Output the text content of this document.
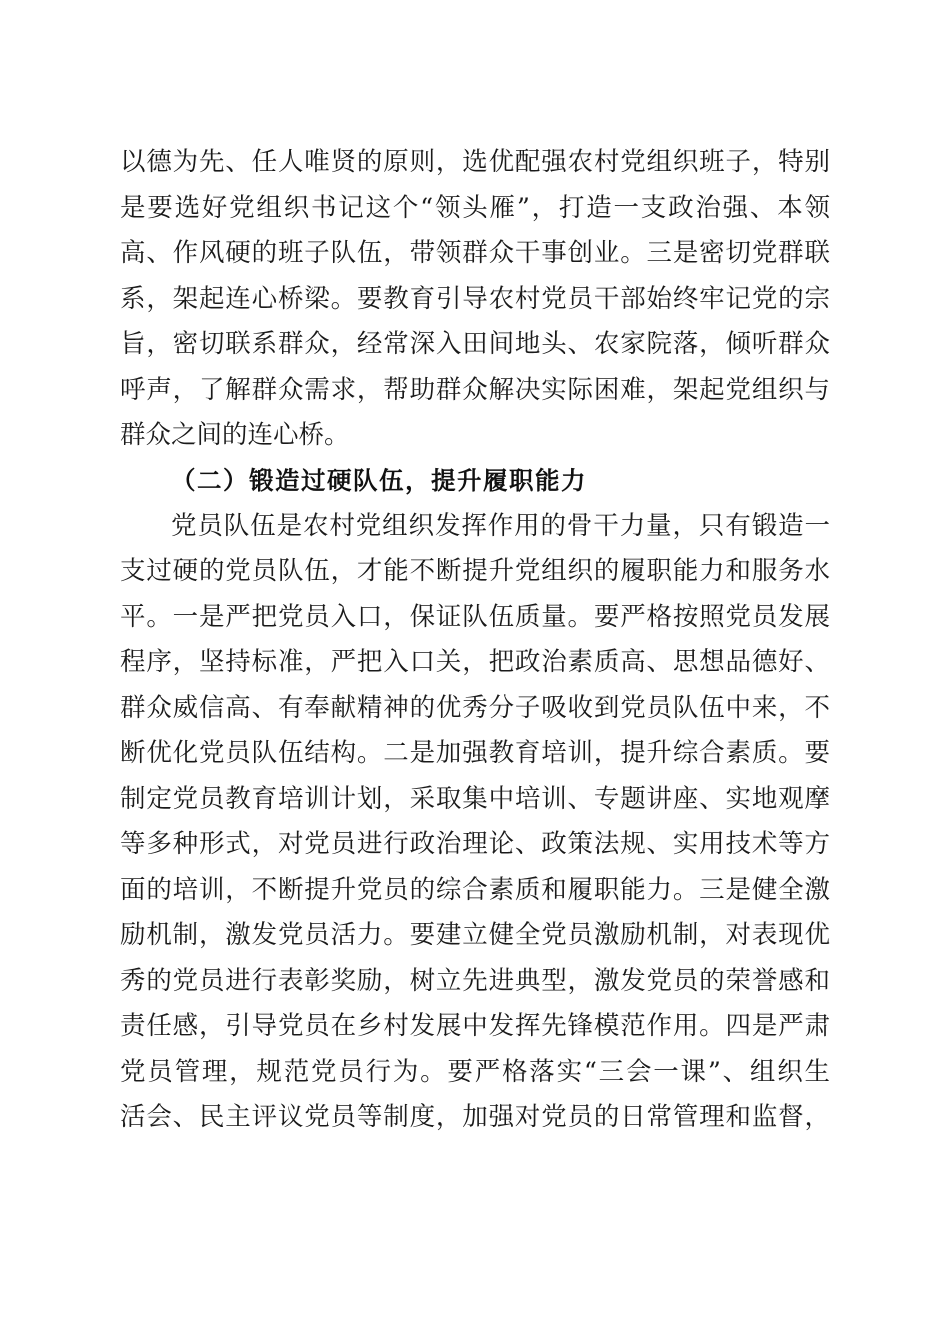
以德为先、任人唯贤的原则，选优配强农村党组织班子，特别
是要选好党组织书记这个“领头雁”，打造一支政治强、本领
高、作风硬的班子队伍，带领群众干事创业。三是密切党群联
系，架起连心桥梁。要教育引导农村党员干部始终牢记党的宗
旨，密切联系群众，经常深入田间地头、农家院落，倾听群众
呼声，了解群众需求，帮助群众解决实际困难，架起党组织与
群众之间的连心桥。
（二）锻造过硬队伍，提升履职能力
党员队伍是农村党组织发挥作用的骨干力量，只有锻造一
支过硬的党员队伍，才能不断提升党组织的履职能力和服务水
平。一是严把党员入口，保证队伍质量。要严格按照党员发展
程序，坚持标准，严把入口关，把政治素质高、思想品德好、
群众威信高、有奉献精神的优秀分子吸收到党员队伍中来，不
断优化党员队伍结构。二是加强教育培训，提升综合素质。要
制定党员教育培训计划，采取集中培训、专题讲座、实地观摩
等多种形式，对党员进行政治理论、政策法规、实用技术等方
面的培训，不断提升党员的综合素质和履职能力。三是健全激
励机制，激发党员活力。要建立健全党员激励机制，对表现优
秀的党员进行表彰奖励，树立先进典型，激发党员的荣誉感和
责任感，引导党员在乡村发展中发挥先锋模范作用。四是严肃
党员管理，规范党员行为。要严格落实“三会一课”、组织生
活会、民主评议党员等制度，加强对党员的日常管理和监督，
